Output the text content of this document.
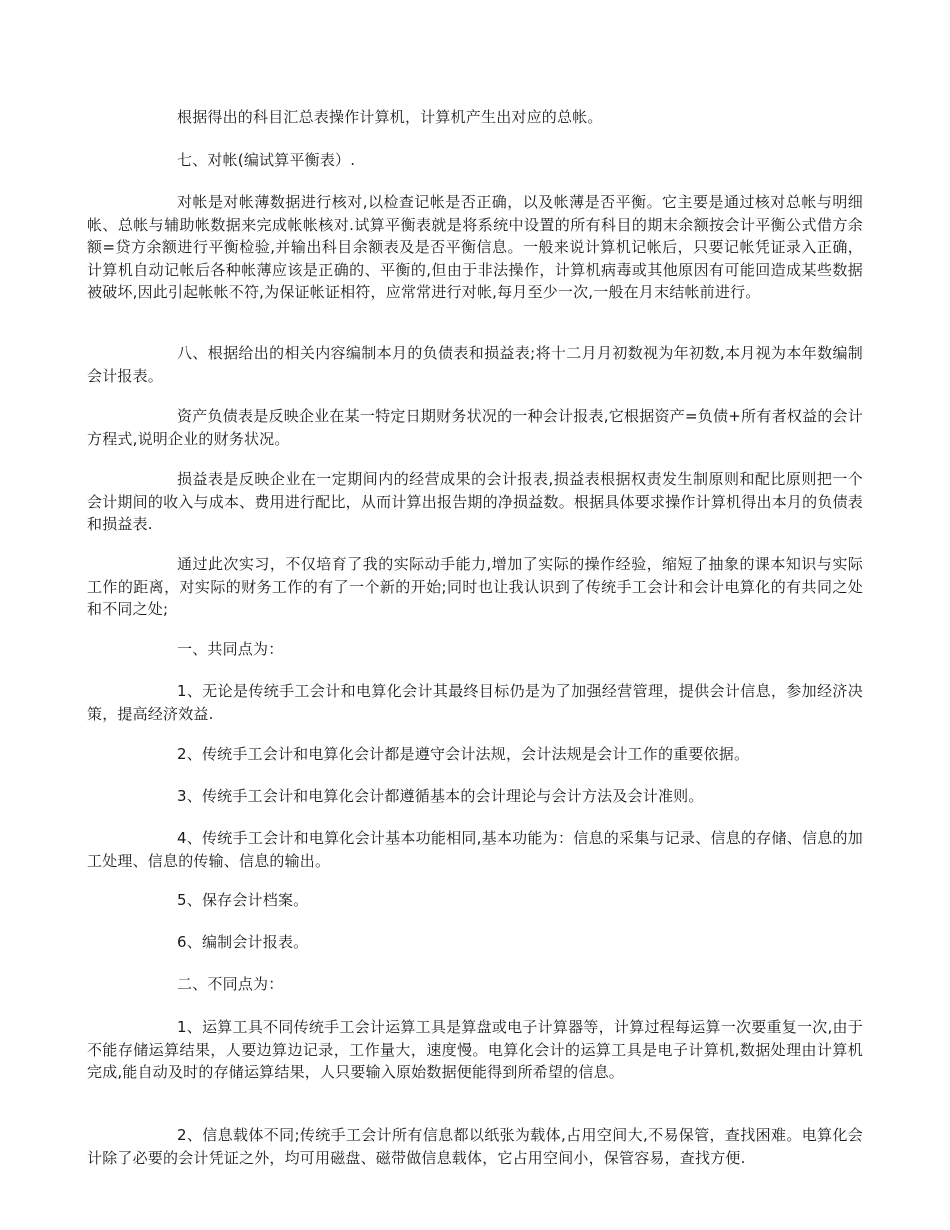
根据得出的科目汇总表操作计算机，计算机产生出对应的总帐。

七、对帐(编试算平衡表）.

对帐是对帐薄数据进行核对,以检查记帐是否正确，以及帐薄是否平衡。它主要是通过核对总帐与明细帐、总帐与辅助帐数据来完成帐帐核对.试算平衡表就是将系统中设置的所有科目的期末余额按会计平衡公式借方余额=贷方余额进行平衡检验,并输出科目余额表及是否平衡信息。一般来说计算机记帐后，只要记帐凭证录入正确，计算机自动记帐后各种帐薄应该是正确的、平衡的,但由于非法操作，计算机病毒或其他原因有可能回造成某些数据被破坏,因此引起帐帐不符,为保证帐证相符，应常常进行对帐,每月至少一次,一般在月末结帐前进行。

八、根据给出的相关内容编制本月的负债表和损益表;将十二月月初数视为年初数,本月视为本年数编制会计报表。

资产负债表是反映企业在某一特定日期财务状况的一种会计报表,它根据资产=负债+所有者权益的会计方程式,说明企业的财务状况。

损益表是反映企业在一定期间内的经营成果的会计报表,损益表根据权责发生制原则和配比原则把一个会计期间的收入与成本、费用进行配比，从而计算出报告期的净损益数。根据具体要求操作计算机得出本月的负债表和损益表.

通过此次实习，不仅培育了我的实际动手能力,增加了实际的操作经验，缩短了抽象的课本知识与实际工作的距离，对实际的财务工作的有了一个新的开始;同时也让我认识到了传统手工会计和会计电算化的有共同之处和不同之处;

一、共同点为：

1、无论是传统手工会计和电算化会计其最终目标仍是为了加强经营管理，提供会计信息，参加经济决策，提高经济效益.

2、传统手工会计和电算化会计都是遵守会计法规，会计法规是会计工作的重要依据。

3、传统手工会计和电算化会计都遵循基本的会计理论与会计方法及会计准则。

4、传统手工会计和电算化会计基本功能相同,基本功能为：信息的采集与记录、信息的存储、信息的加工处理、信息的传输、信息的输出。

5、保存会计档案。

6、编制会计报表。

二、不同点为：

1、运算工具不同传统手工会计运算工具是算盘或电子计算器等，计算过程每运算一次要重复一次,由于不能存储运算结果，人要边算边记录，工作量大，速度慢。电算化会计的运算工具是电子计算机,数据处理由计算机完成,能自动及时的存储运算结果，人只要输入原始数据便能得到所希望的信息。

2、信息载体不同;传统手工会计所有信息都以纸张为载体,占用空间大,不易保管，查找困难。电算化会计除了必要的会计凭证之外，均可用磁盘、磁带做信息载体，它占用空间小，保管容易，查找方便.
